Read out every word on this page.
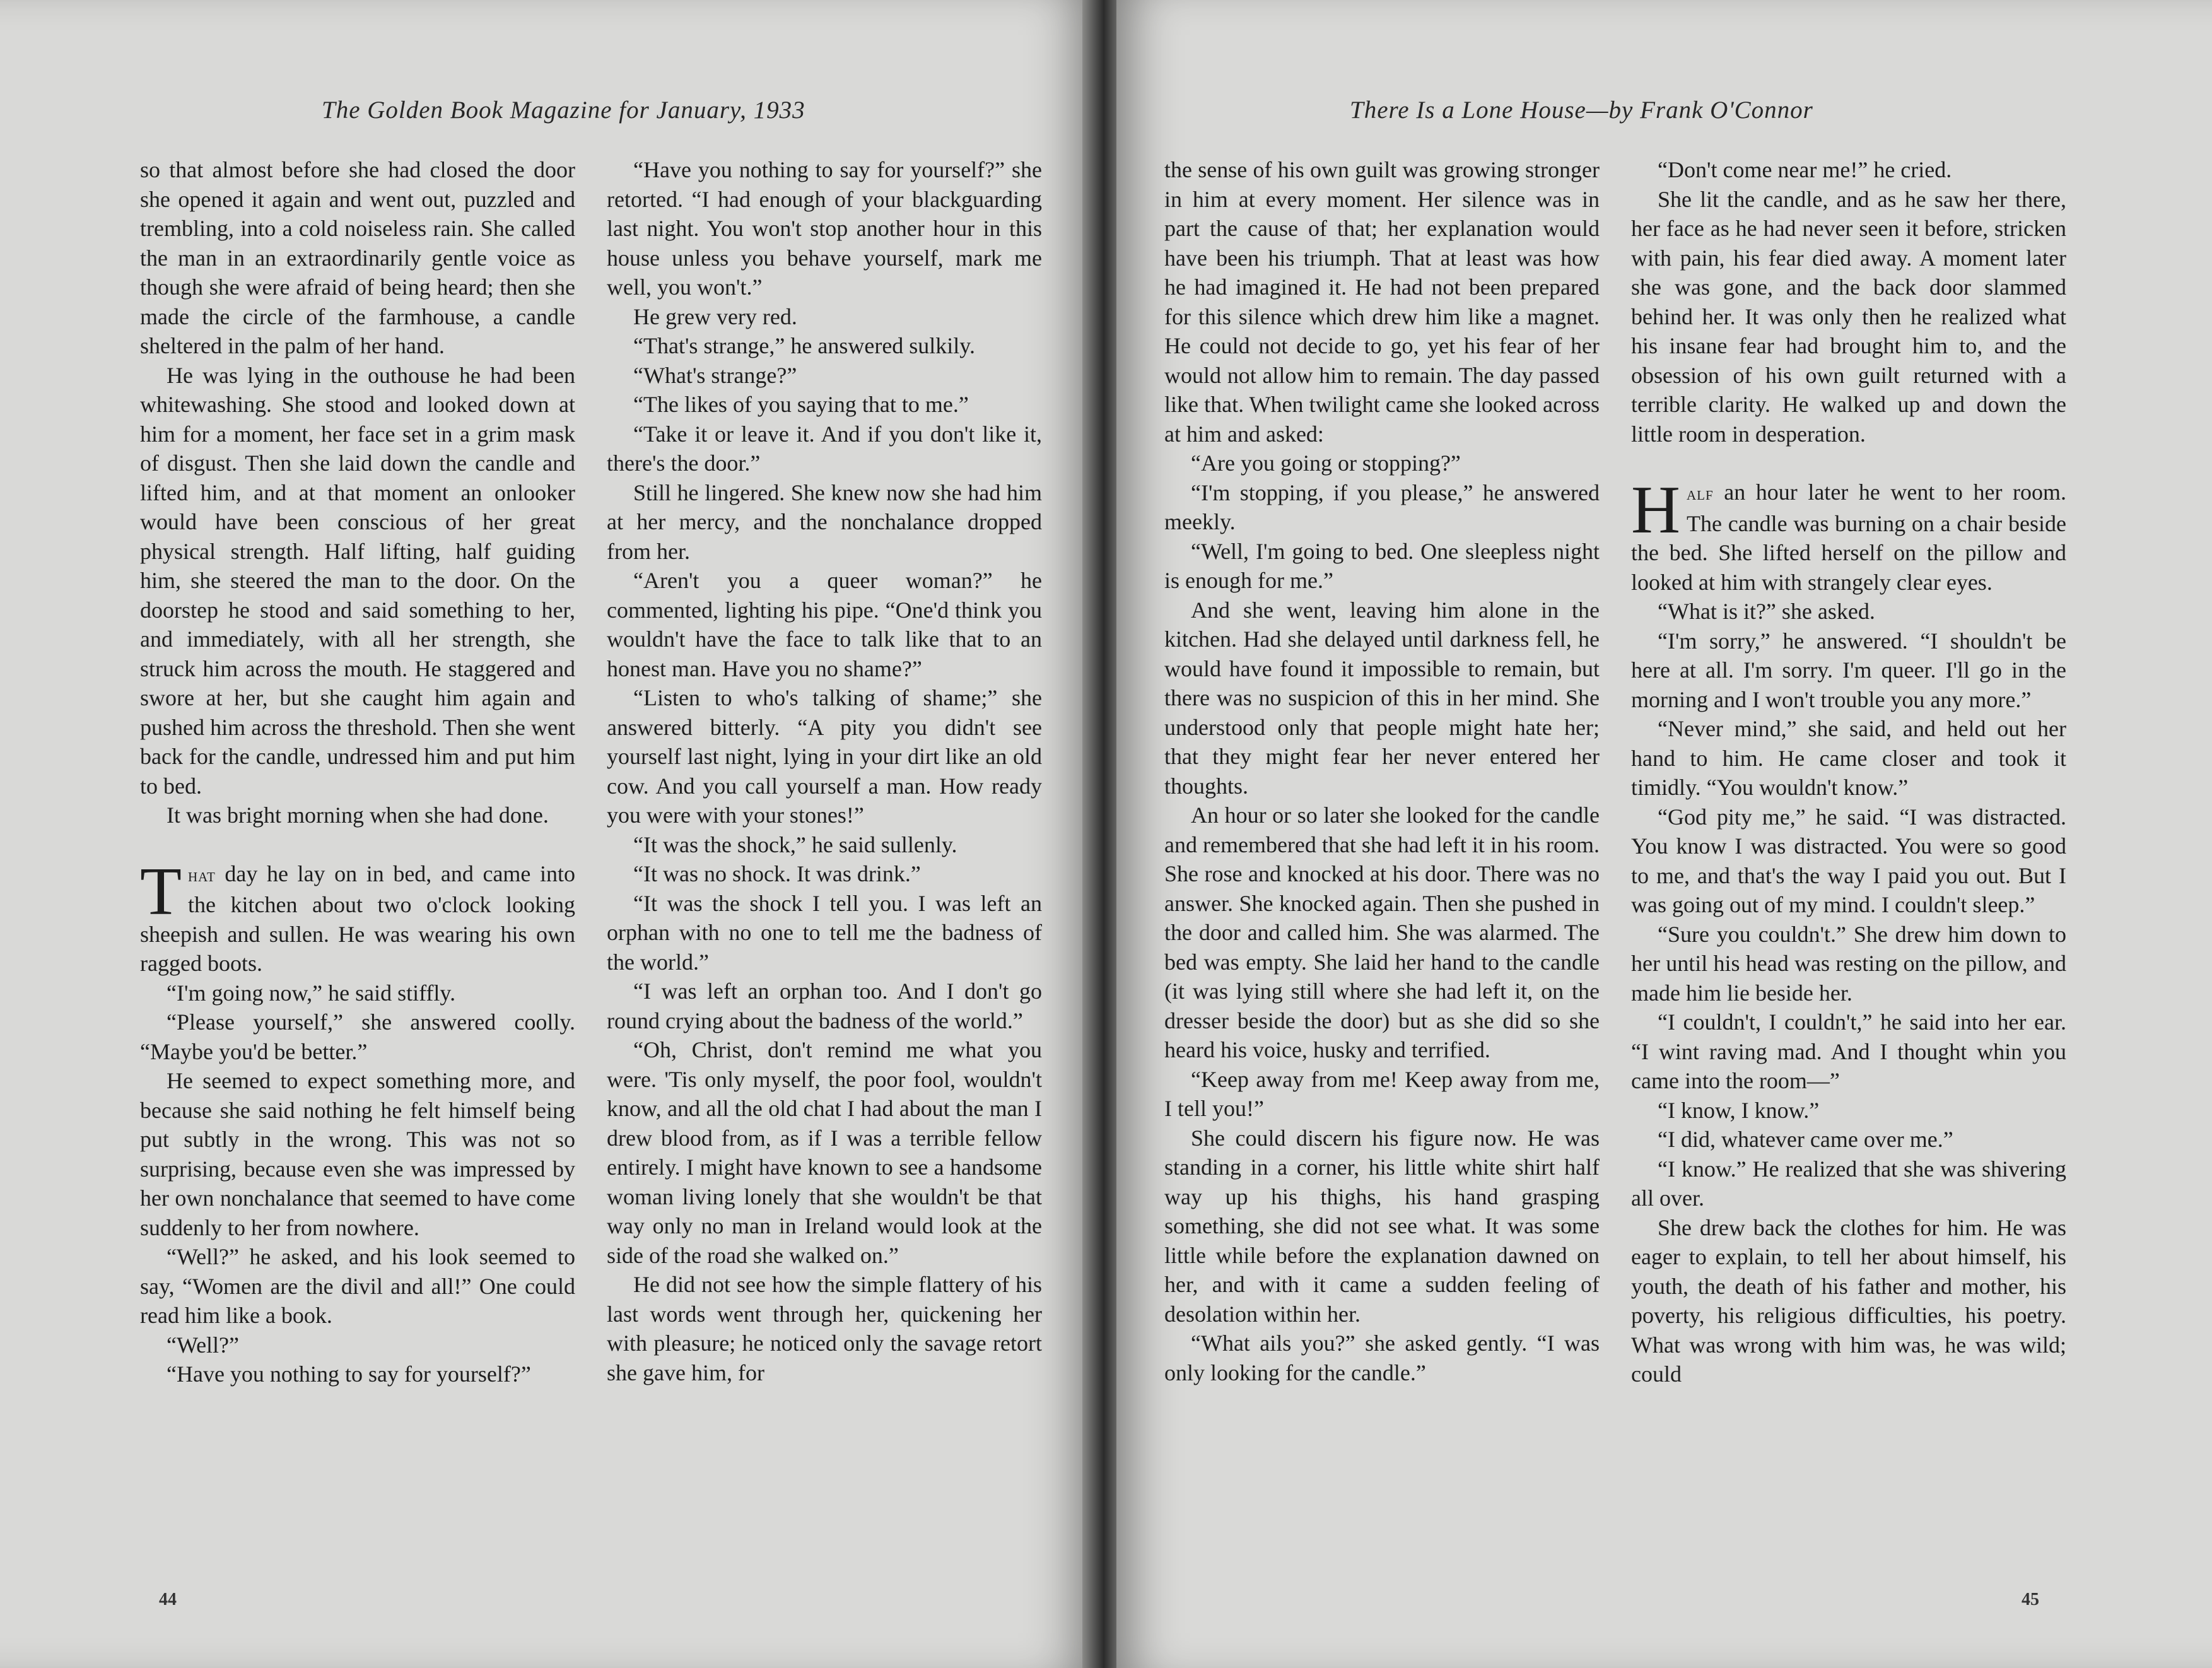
The Golden Book Magazine for January, 1933

so that almost before she had closed the door she opened it again and went out, puzzled and trembling, into a cold noiseless rain. She called the man in an extraordinarily gentle voice as though she were afraid of being heard; then she made the circle of the farmhouse, a candle sheltered in the palm of her hand.

He was lying in the outhouse he had been whitewashing. She stood and looked down at him for a moment, her face set in a grim mask of disgust. Then she laid down the candle and lifted him, and at that moment an onlooker would have been conscious of her great physical strength. Half lifting, half guiding him, she steered the man to the door. On the doorstep he stood and said something to her, and immediately, with all her strength, she struck him across the mouth. He staggered and swore at her, but she caught him again and pushed him across the threshold. Then she went back for the candle, undressed him and put him to bed.

It was bright morning when she had done.

That day he lay on in bed, and came into the kitchen about two o'clock looking sheepish and sullen. He was wearing his own ragged boots.

“I'm going now,” he said stiffly.

“Please yourself,” she answered coolly. “Maybe you'd be better.”

He seemed to expect something more, and because she said nothing he felt himself being put subtly in the wrong. This was not so surprising, because even she was impressed by her own nonchalance that seemed to have come suddenly to her from nowhere.

“Well?” he asked, and his look seemed to say, “Women are the divil and all!” One could read him like a book.

“Well?”

“Have you nothing to say for yourself?”

“Have you nothing to say for yourself?” she retorted. “I had enough of your blackguarding last night. You won't stop another hour in this house unless you behave yourself, mark me well, you won't.”

He grew very red.

“That's strange,” he answered sulkily.

“What's strange?”

“The likes of you saying that to me.”

“Take it or leave it. And if you don't like it, there's the door.”

Still he lingered. She knew now she had him at her mercy, and the nonchalance dropped from her.

“Aren't you a queer woman?” he commented, lighting his pipe. “One'd think you wouldn't have the face to talk like that to an honest man. Have you no shame?”

“Listen to who's talking of shame;” she answered bitterly. “A pity you didn't see yourself last night, lying in your dirt like an old cow. And you call yourself a man. How ready you were with your stones!”

“It was the shock,” he said sullenly.

“It was no shock. It was drink.”

“It was the shock I tell you. I was left an orphan with no one to tell me the badness of the world.”

“I was left an orphan too. And I don't go round crying about the badness of the world.”

“Oh, Christ, don't remind me what you were. 'Tis only myself, the poor fool, wouldn't know, and all the old chat I had about the man I drew blood from, as if I was a terrible fellow entirely. I might have known to see a handsome woman living lonely that she wouldn't be that way only no man in Ireland would look at the side of the road she walked on.”

He did not see how the simple flattery of his last words went through her, quickening her with pleasure; he noticed only the savage retort she gave him, for

44
There Is a Lone House—by Frank O'Connor

the sense of his own guilt was growing stronger in him at every moment. Her silence was in part the cause of that; her explanation would have been his triumph. That at least was how he had imagined it. He had not been prepared for this silence which drew him like a magnet. He could not decide to go, yet his fear of her would not allow him to remain. The day passed like that. When twilight came she looked across at him and asked:

“Are you going or stopping?”

“I'm stopping, if you please,” he answered meekly.

“Well, I'm going to bed. One sleepless night is enough for me.”

And she went, leaving him alone in the kitchen. Had she delayed until darkness fell, he would have found it impossible to remain, but there was no suspicion of this in her mind. She understood only that people might hate her; that they might fear her never entered her thoughts.

An hour or so later she looked for the candle and remembered that she had left it in his room. She rose and knocked at his door. There was no answer. She knocked again. Then she pushed in the door and called him. She was alarmed. The bed was empty. She laid her hand to the candle (it was lying still where she had left it, on the dresser beside the door) but as she did so she heard his voice, husky and terrified.

“Keep away from me! Keep away from me, I tell you!”

She could discern his figure now. He was standing in a corner, his little white shirt half way up his thighs, his hand grasping something, she did not see what. It was some little while before the explanation dawned on her, and with it came a sudden feeling of desolation within her.

“What ails you?” she asked gently. “I was only looking for the candle.”

“Don't come near me!” he cried.

She lit the candle, and as he saw her there, her face as he had never seen it before, stricken with pain, his fear died away. A moment later she was gone, and the back door slammed behind her. It was only then he realized what his insane fear had brought him to, and the obsession of his own guilt returned with a terrible clarity. He walked up and down the little room in desperation.

Half an hour later he went to her room. The candle was burning on a chair beside the bed. She lifted herself on the pillow and looked at him with strangely clear eyes.

“What is it?” she asked.

“I'm sorry,” he answered. “I shouldn't be here at all. I'm sorry. I'm queer. I'll go in the morning and I won't trouble you any more.”

“Never mind,” she said, and held out her hand to him. He came closer and took it timidly. “You wouldn't know.”

“God pity me,” he said. “I was distracted. You know I was distracted. You were so good to me, and that's the way I paid you out. But I was going out of my mind. I couldn't sleep.”

“Sure you couldn't.” She drew him down to her until his head was resting on the pillow, and made him lie beside her.

“I couldn't, I couldn't,” he said into her ear. “I wint raving mad. And I thought whin you came into the room—”

“I know, I know.”

“I did, whatever came over me.”

“I know.” He realized that she was shivering all over.

She drew back the clothes for him. He was eager to explain, to tell her about himself, his youth, the death of his father and mother, his poverty, his religious difficulties, his poetry. What was wrong with him was, he was wild; could

45
